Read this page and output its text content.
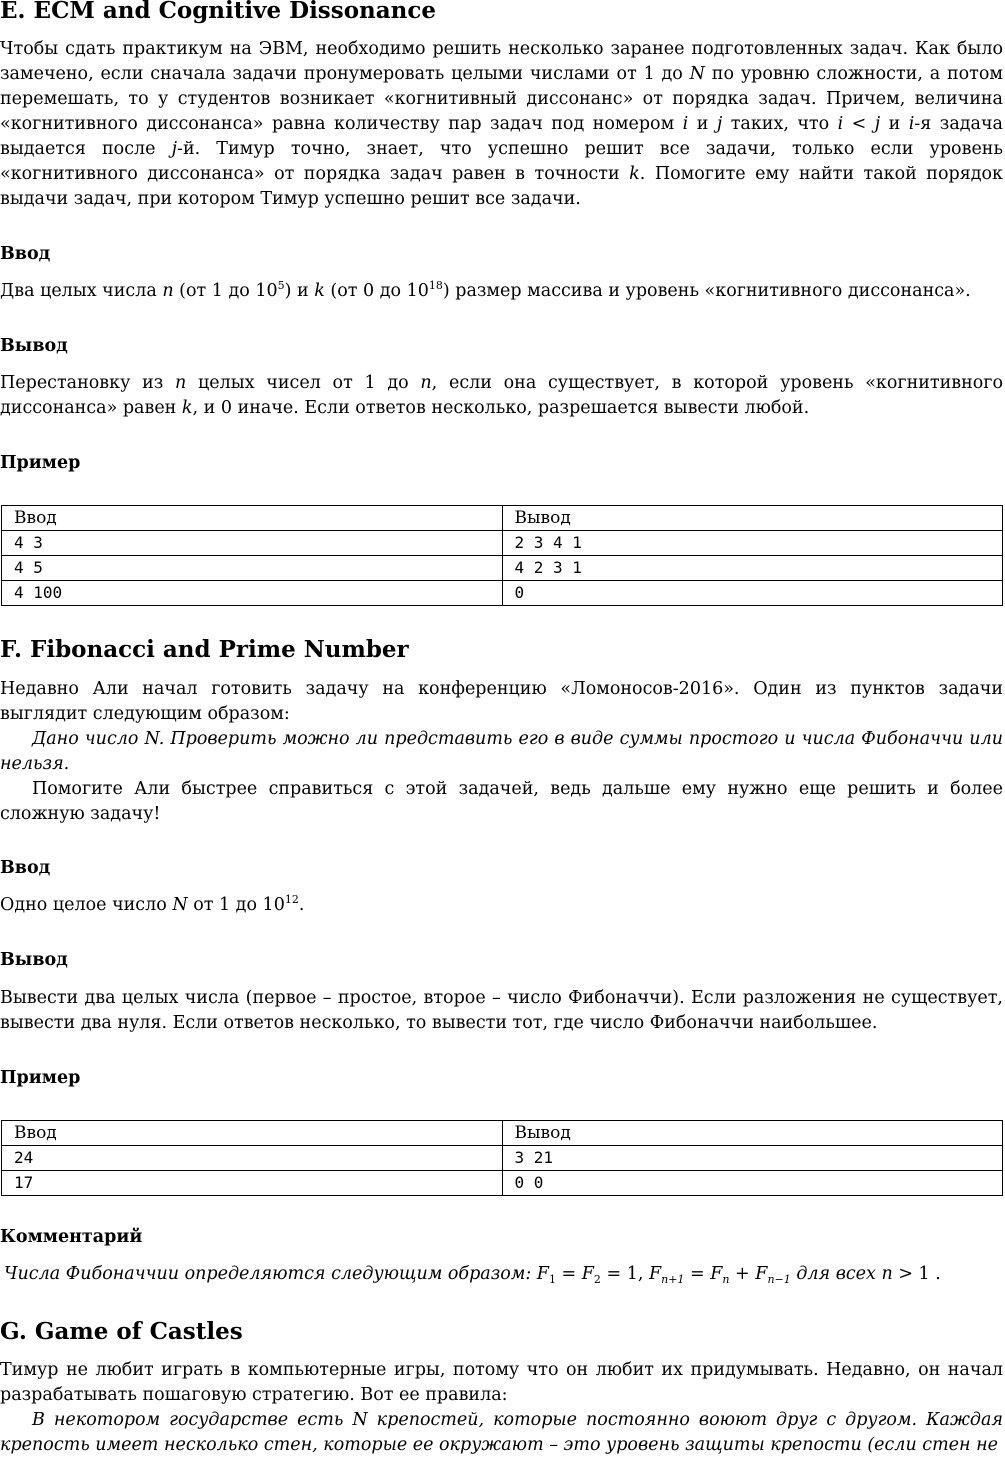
E. ECM and Cognitive Dissonance

Чтобы сдать практикум на ЭВМ, необходимо решить несколько заранее подготовленных задач. Как было замечено, если сначала задачи пронумеровать целыми числами от 1 до N по уровню сложности, а потом перемешать, то у студентов возникает «когнитивный диссонанс» от порядка задач. Причем, величина «когнитивного диссонанса» равна количеству пар задач под номером i и j таких, что i < j и i-я задача выдается после j-й. Тимур точно, знает, что успешно решит все задачи, только если уровень «когнитивного диссонанса» от порядка задач равен в точности k. Помогите ему найти такой порядок выдачи задач, при котором Тимур успешно решит все задачи.

Ввод

Два целых числа n (от 1 до $10^5$) и k (от 0 до $10^{18}$) размер массива и уровень «когнитивного диссонанса».

Вывод

Перестановку из n целых чисел от 1 до n, если она существует, в которой уровень «когнитивного диссонанса» равен k, и 0 иначе. Если ответов несколько, разрешается вывести любой.

Пример
Ввод	Вывод
4 3	2 3 4 1
4 5	4 2 3 1
4 100	0
F. Fibonacci and Prime Number

Недавно Али начал готовить задачу на конференцию «Ломоносов-2016». Один из пунктов задачи выглядит следующим образом:

Дано число N. Проверить можно ли представить его в виде суммы простого и числа Фибоначчи или нельзя.

Помогите Али быстрее справиться с этой задачей, ведь дальше ему нужно еще решить и более сложную задачу!

Ввод

Одно целое число N от 1 до $10^{12}$.

Вывод

Вывести два целых числа (первое – простое, второе – число Фибоначчи). Если разложения не существует, вывести два нуля. Если ответов несколько, то вывести тот, где число Фибоначчи наибольшее.

Пример
Ввод	Вывод
24	3 21
17	0 0
Комментарий

Числа Фибоначчии определяются следующим образом: $F_1 = F_2 = 1$, $F_{n+1} = F_n + F_{n-1}$ для всех n > 1 .

G. Game of Castles

Тимур не любит играть в компьютерные игры, потому что он любит их придумывать. Недавно, он начал разрабатывать пошаговую стратегию. Вот ее правила:

В некотором государстве есть N крепостей, которые постоянно воюют друг с другом. Каждая крепость имеет несколько стен, которые ее окружают – это уровень защиты крепости (если стен не
